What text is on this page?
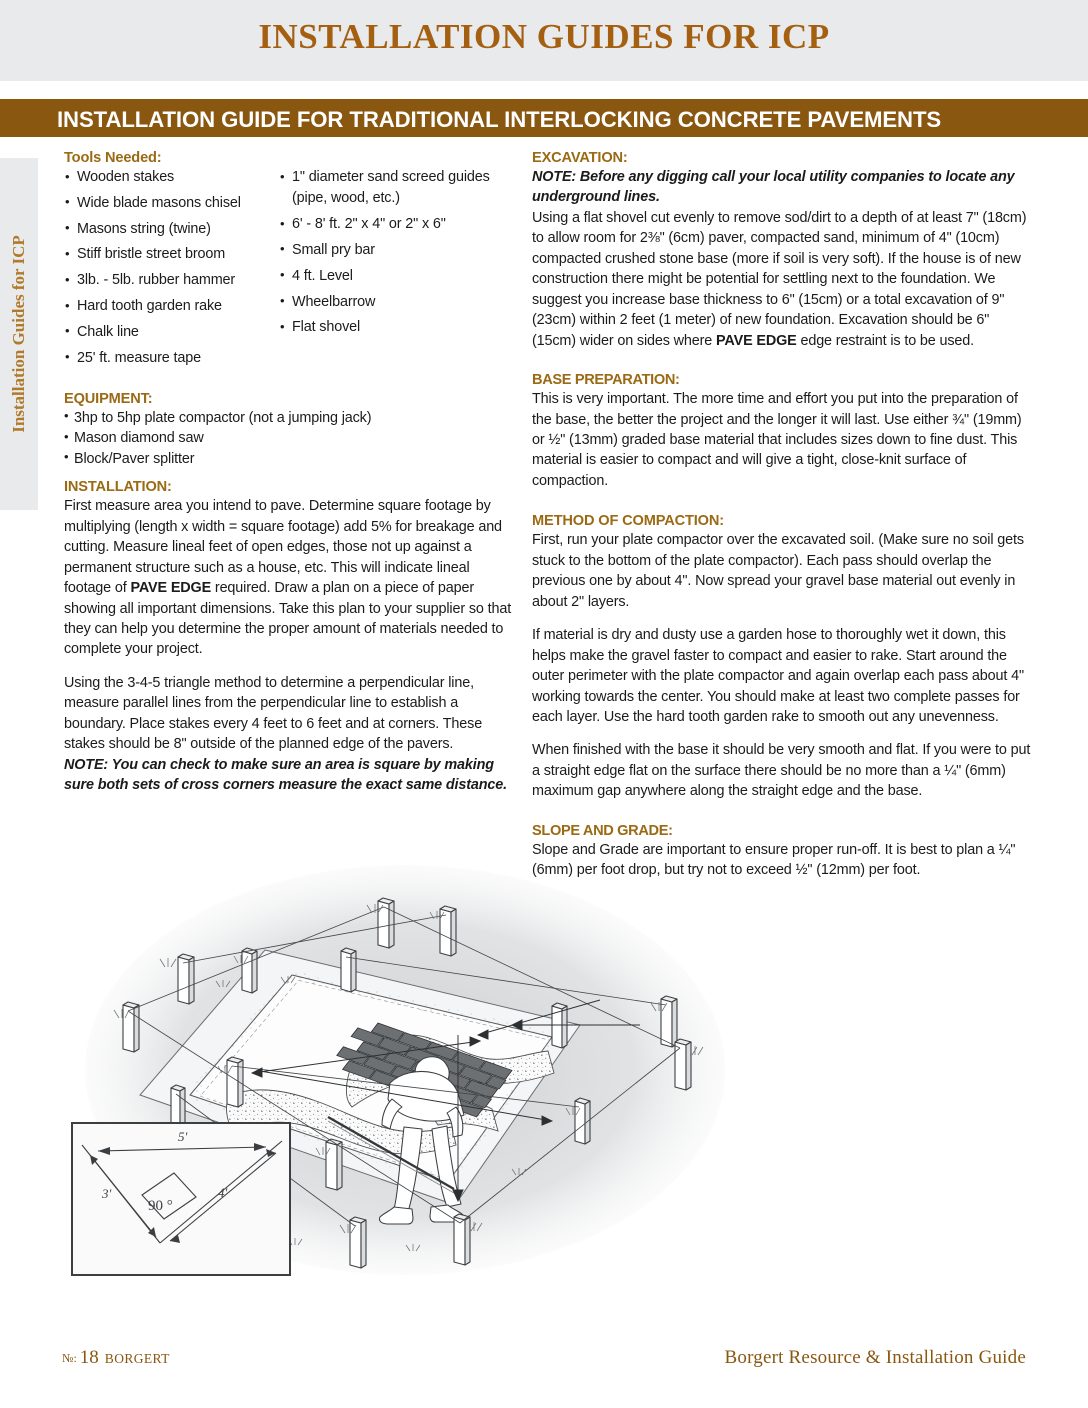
INSTALLATION GUIDES FOR ICP
INSTALLATION GUIDE FOR TRADITIONAL INTERLOCKING CONCRETE PAVEMENTS
Installation Guides for ICP
Tools Needed:
• Wooden stakes
• Wide blade masons chisel
• Masons string (twine)
• Stiff bristle street broom
• 3lb. - 5lb. rubber hammer
• Hard tooth garden rake
• Chalk line
• 25' ft. measure tape
• 1" diameter sand screed guides (pipe, wood, etc.)
• 6' - 8' ft. 2" x 4" or 2" x 6"
• Small pry bar
• 4 ft. Level
• Wheelbarrow
• Flat shovel
EQUIPMENT:
• 3hp to 5hp plate compactor (not a jumping jack)
• Mason diamond saw
• Block/Paver splitter
INSTALLATION:

First measure area you intend to pave. Determine square footage by multiplying (length x width = square footage) add 5% for breakage and cutting. Measure lineal feet of open edges, those not up against a permanent structure such as a house, etc. This will indicate lineal footage of PAVE EDGE required. Draw a plan on a piece of paper showing all important dimensions. Take this plan to your supplier so that they can help you determine the proper amount of materials needed to complete your project.

Using the 3-4-5 triangle method to determine a perpendicular line, measure parallel lines from the perpendicular line to establish a boundary. Place stakes every 4 feet to 6 feet and at corners. These stakes should be 8" outside of the planned edge of the pavers.

NOTE: You can check to make sure an area is square by making sure both sets of cross corners measure the exact same distance.

EXCAVATION:

NOTE: Before any digging call your local utility companies to locate any underground lines.

Using a flat shovel cut evenly to remove sod/dirt to a depth of at least 7" (18cm) to allow room for 2⅜" (6cm) paver, compacted sand, minimum of 4" (10cm) compacted crushed stone base (more if soil is very soft). If the house is of new construction there might be potential for settling next to the foundation. We suggest you increase base thickness to 6" (15cm) or a total excavation of 9" (23cm) within 2 feet (1 meter) of new foundation. Excavation should be 6" (15cm) wider on sides where PAVE EDGE edge restraint is to be used.

BASE PREPARATION:

This is very important. The more time and effort you put into the preparation of the base, the better the project and the longer it will last. Use either ¾" (19mm) or ½" (13mm) graded base material that includes sizes down to fine dust. This material is easier to compact and will give a tight, close-knit surface of compaction.

METHOD OF COMPACTION:

First, run your plate compactor over the excavated soil. (Make sure no soil gets stuck to the bottom of the plate compactor). Each pass should overlap the previous one by about 4". Now spread your gravel base material out evenly in about 2" layers.

If material is dry and dusty use a garden hose to thoroughly wet it down, this helps make the gravel faster to compact and easier to rake. Start around the outer perimeter with the plate compactor and again overlap each pass about 4" working towards the center. You should make at least two complete passes for each layer. Use the hard tooth garden rake to smooth out any unevenness.

When finished with the base it should be very smooth and flat. If you were to put a straight edge flat on the surface there should be no more than a ¼" (6mm) maximum gap anywhere along the straight edge and the base.

SLOPE AND GRADE:

Slope and Grade are important to ensure proper run-off. It is best to plan a ¼" (6mm) per foot drop, but try not to exceed ½" (12mm) per foot.

5'
3'	4'
90 °
№: 18 BORGERT	Borgert Resource & Installation Guide
